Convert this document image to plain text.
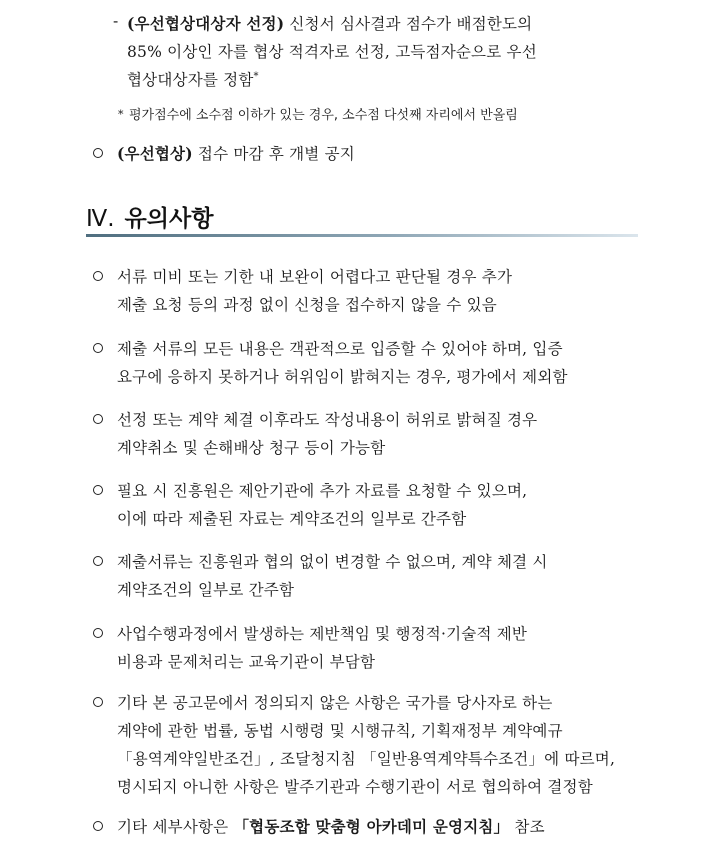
- (우선협상대상자 선정) 신청서 심사결과 점수가 배점한도의
85% 이상인 자를 협상 적격자로 선정, 고득점자순으로 우선
협상대상자를 정함*
* 평가점수에 소수점 이하가 있는 경우, 소수점 다섯째 자리에서 반올림
(우선협상) 접수 마감 후 개별 공지
Ⅳ. 유의사항
서류 미비 또는 기한 내 보완이 어렵다고 판단될 경우 추가
제출 요청 등의 과정 없이 신청을 접수하지 않을 수 있음
제출 서류의 모든 내용은 객관적으로 입증할 수 있어야 하며, 입증
요구에 응하지 못하거나 허위임이 밝혀지는 경우, 평가에서 제외함
선정 또는 계약 체결 이후라도 작성내용이 허위로 밝혀질 경우
계약취소 및 손해배상 청구 등이 가능함
필요 시 진흥원은 제안기관에 추가 자료를 요청할 수 있으며,
이에 따라 제출된 자료는 계약조건의 일부로 간주함
제출서류는 진흥원과 협의 없이 변경할 수 없으며, 계약 체결 시
계약조건의 일부로 간주함
사업수행과정에서 발생하는 제반책임 및 행정적·기술적 제반
비용과 문제처리는 교육기관이 부담함
기타 본 공고문에서 정의되지 않은 사항은 국가를 당사자로 하는
계약에 관한 법률, 동법 시행령 및 시행규칙, 기획재정부 계약예규
「용역계약일반조건」, 조달청지침 「일반용역계약특수조건」에 따르며,
명시되지 아니한 사항은 발주기관과 수행기관이 서로 협의하여 결정함
기타 세부사항은 「협동조합 맞춤형 아카데미 운영지침」 참조
